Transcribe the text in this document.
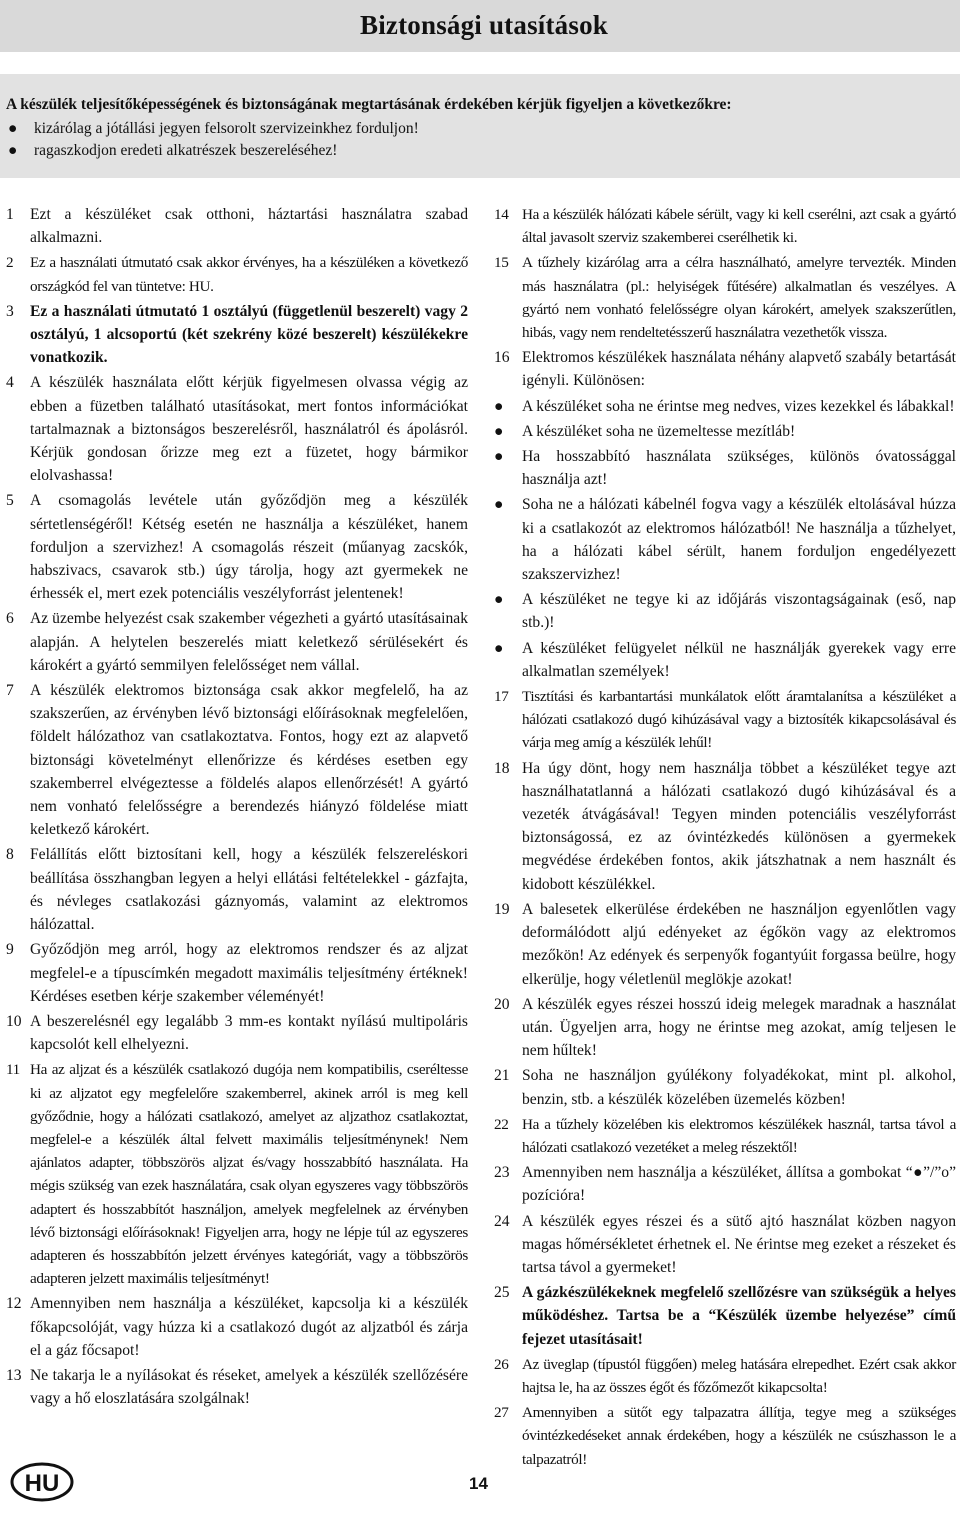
Biztonsági utasítások
A készülék teljesítőképességének és biztonságának megtartásának érdekében kérjük figyeljen a következőkre:
● kizárólag a jótállási jegyen felsorolt szervizeinkhez forduljon!
● ragaszkodjon eredeti alkatrészek beszereléséhez!
1 Ezt a készüléket csak otthoni, háztartási használatra szabad alkalmazni.
2 Ez a használati útmutató csak akkor érvényes, ha a készüléken a következő országkód fel van tüntetve: HU.
3 Ez a használati útmutató 1 osztályú (függetlenül beszerelt) vagy 2 osztályú, 1 alcsoportú (két szekrény közé beszerelt) készülékekre vonatkozik.
4 A készülék használata előtt kérjük figyelmesen olvassa végig az ebben a füzetben található utasításokat, mert fontos információkat tartalmaznak a biztonságos beszerelésről, használatról és ápolásról. Kérjük gondosan őrizze meg ezt a füzetet, hogy bármikor elolvashassa!
5 A csomagolás levétele után győződjön meg a készülék sértetlenségéről! Kétség esetén ne használja a készüléket, hanem forduljon a szervizhez! A csomagolás részeit (műanyag zacskók, habszivacs, csavarok stb.) úgy tárolja, hogy azt gyermekek ne érhessék el, mert ezek potenciális veszélyforrást jelentenek!
6 Az üzembe helyezést csak szakember végezheti a gyártó utasításainak alapján. A helytelen beszerelés miatt keletkező sérülésekért és károkért a gyártó semmilyen felelősséget nem vállal.
7 A készülék elektromos biztonsága csak akkor megfelelő, ha az szakszerűen, az érvényben lévő biztonsági előírásoknak megfelelően, földelt hálózathoz van csatlakoztatva. Fontos, hogy ezt az alapvető biztonsági követelményt ellenőrizze és kérdéses esetben egy szakemberrel elvégeztesse a földelés alapos ellenőrzését! A gyártó nem vonható felelősségre a berendezés hiányzó földelése miatt keletkező károkért.
8 Felállítás előtt biztosítani kell, hogy a készülék felszereléskori beállítása összhangban legyen a helyi ellátási feltételekkel - gázfajta, és névleges csatlakozási gáznyomás, valamint az elektromos hálózattal.
9 Győződjön meg arról, hogy az elektromos rendszer és az aljzat megfelel-e a típuscímkén megadott maximális teljesítmény értéknek! Kérdéses esetben kérje szakember véleményét!
10 A beszerelésnél egy legalább 3 mm-es kontakt nyílású multipoláris kapcsolót kell elhelyezni.
11 Ha az aljzat és a készülék csatlakozó dugója nem kompatibilis, cseréltesse ki az aljzatot egy megfelelőre szakemberrel, akinek arról is meg kell győződnie, hogy a hálózati csatlakozó, amelyet az aljzathoz csatlakoztat, megfelel-e a készülék által felvett maximális teljesítménynek! Nem ajánlatos adapter, többszörös aljzat és/vagy hosszabbító használata. Ha mégis szükség van ezek használatára, csak olyan egyszeres vagy többszörös adaptert és hosszabbítót használjon, amelyek megfelelnek az érvényben lévő biztonsági előírásoknak! Figyeljen arra, hogy ne lépje túl az egyszeres adapteren és hosszabbítón jelzett érvényes kategóriát, vagy a többszörös adapteren jelzett maximális teljesítményt!
12 Amennyiben nem használja a készüléket, kapcsolja ki a készülék főkapcsolóját, vagy húzza ki a csatlakozó dugót az aljzatból és zárja el a gáz főcsapot!
13 Ne takarja le a nyílásokat és réseket, amelyek a készülék szellőzésére vagy a hő eloszlatására szolgálnak!
14 Ha a készülék hálózati kábele sérült, vagy ki kell cserélni, azt csak a gyártó által javasolt szerviz szakemberei cserélhetik ki.
15 A tűzhely kizárólag arra a célra használható, amelyre tervezték. Minden más használatra (pl.: helyiségek fűtésére) alkalmatlan és veszélyes. A gyártó nem vonható felelősségre olyan károkért, amelyek szakszerűtlen, hibás, vagy nem rendeltetésszerű használatra vezethetők vissza.
16 Elektromos készülékek használata néhány alapvető szabály betartását igényli. Különösen:
● A készüléket soha ne érintse meg nedves, vizes kezekkel és lábakkal!
● A készüléket soha ne üzemeltesse mezítláb!
● Ha hosszabbító használata szükséges, különös óvatossággal használja azt!
● Soha ne a hálózati kábelnél fogva vagy a készülék eltolásával húzza ki a csatlakozót az elektromos hálózatból! Ne használja a tűzhelyet, ha a hálózati kábel sérült, hanem forduljon engedélyezett szakszervizhez!
● A készüléket ne tegye ki az időjárás viszontagságainak (eső, nap stb.)!
● A készüléket felügyelet nélkül ne használják gyerekek vagy erre alkalmatlan személyek!
17 Tisztítási és karbantartási munkálatok előtt áramtalanítsa a készüléket a hálózati csatlakozó dugó kihúzásával vagy a biztosíték kikapcsolásával és várja meg amíg a készülék lehűl!
18 Ha úgy dönt, hogy nem használja többet a készüléket tegye azt használhatatlanná a hálózati csatlakozó dugó kihúzásával és a vezeték átvágásával! Tegyen minden potenciális veszélyforrást biztonságossá, ez az óvintézkedés különösen a gyermekek megvédése érdekében fontos, akik játszhatnak a nem használt és kidobott készülékkel.
19 A balesetek elkerülése érdekében ne használjon egyenlőtlen vagy deformálódott aljú edényeket az égőkön vagy az elektromos mezőkön! Az edények és serpenyők fogantyúit forgassa beülre, hogy elkerülje, hogy véletlenül meglökje azokat!
20 A készülék egyes részei hosszú ideig melegek maradnak a használat után. Ügyeljen arra, hogy ne érintse meg azokat, amíg teljesen le nem hűltek!
21 Soha ne használjon gyúlékony folyadékokat, mint pl. alkohol, benzin, stb. a készülék közelében üzemelés közben!
22 Ha a tűzhely közelében kis elektromos készülékek használ, tartsa távol a hálózati csatlakozó vezetéket a meleg részektől!
23 Amennyiben nem használja a készüléket, állítsa a gombokat “●”/”o” pozícióra!
24 A készülék egyes részei és a sütő ajtó használat közben nagyon magas hőmérsékletet érhetnek el. Ne érintse meg ezeket a részeket és tartsa távol a gyermeket!
25 A gázkészülékeknek megfelelő szellőzésre van szükségük a helyes működéshez. Tartsa be a “Készülék üzembe helyezése” című fejezet utasításait!
26 Az üveglap (típustól függően) meleg hatására elrepedhet. Ezért csak akkor hajtsa le, ha az összes égőt és főzőmezőt kikapcsolta!
27 Amennyiben a sütőt egy talpazatra állítja, tegye meg a szükséges óvintézkedéseket annak érdekében, hogy a készülék ne csúszhasson le a talpazatról!
HU	14
